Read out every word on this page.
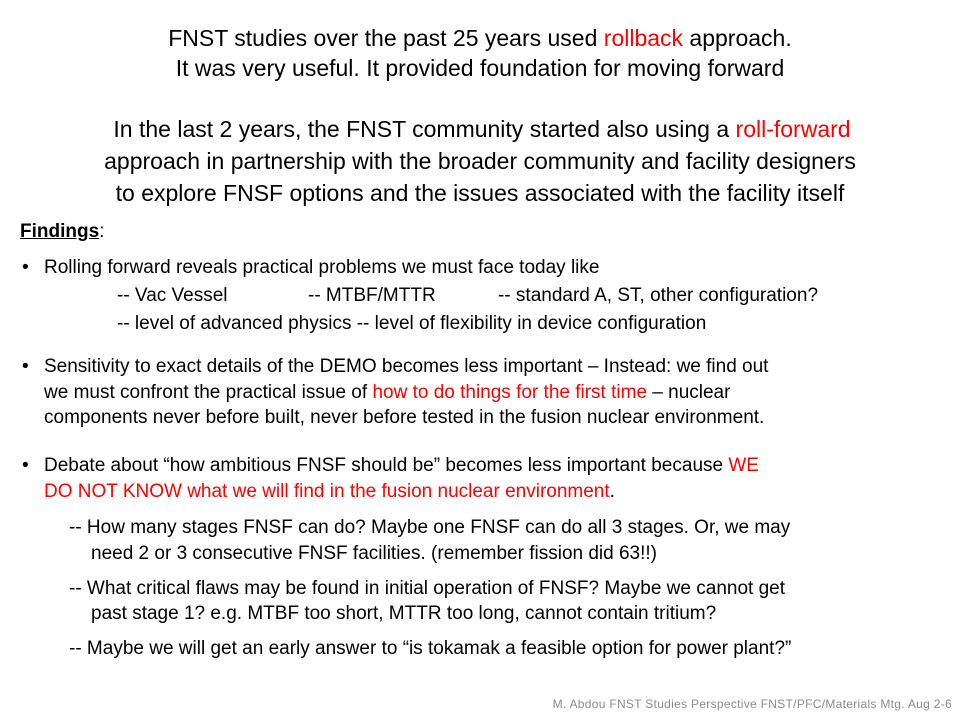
FNST studies over the past 25 years used rollback approach.
It was very useful. It provided foundation for moving forward
In the last 2 years, the FNST community started also using a roll-forward
approach in partnership with the broader community and facility designers
to explore FNSF options and the issues associated with the facility itself
Findings:
• Rolling forward reveals practical problems we must face today like
-- Vac Vessel	-- MTBF/MTTR	-- standard A, ST, other configuration?
-- level of advanced physics -- level of flexibility in device configuration
• Sensitivity to exact details of the DEMO becomes less important – Instead: we find out
we must confront the practical issue of how to do things for the first time – nuclear
components never before built, never before tested in the fusion nuclear environment.
• Debate about “how ambitious FNSF should be” becomes less important because WE
DO NOT KNOW what we will find in the fusion nuclear environment.
-- How many stages FNSF can do? Maybe one FNSF can do all 3 stages. Or, we may
need 2 or 3 consecutive FNSF facilities. (remember fission did 63!!)
-- What critical flaws may be found in initial operation of FNSF? Maybe we cannot get
past stage 1? e.g. MTBF too short, MTTR too long, cannot contain tritium?
-- Maybe we will get an early answer to “is tokamak a feasible option for power plant?”
M. Abdou FNST Studies Perspective FNST/PFC/Materials Mtg. Aug 2-6
